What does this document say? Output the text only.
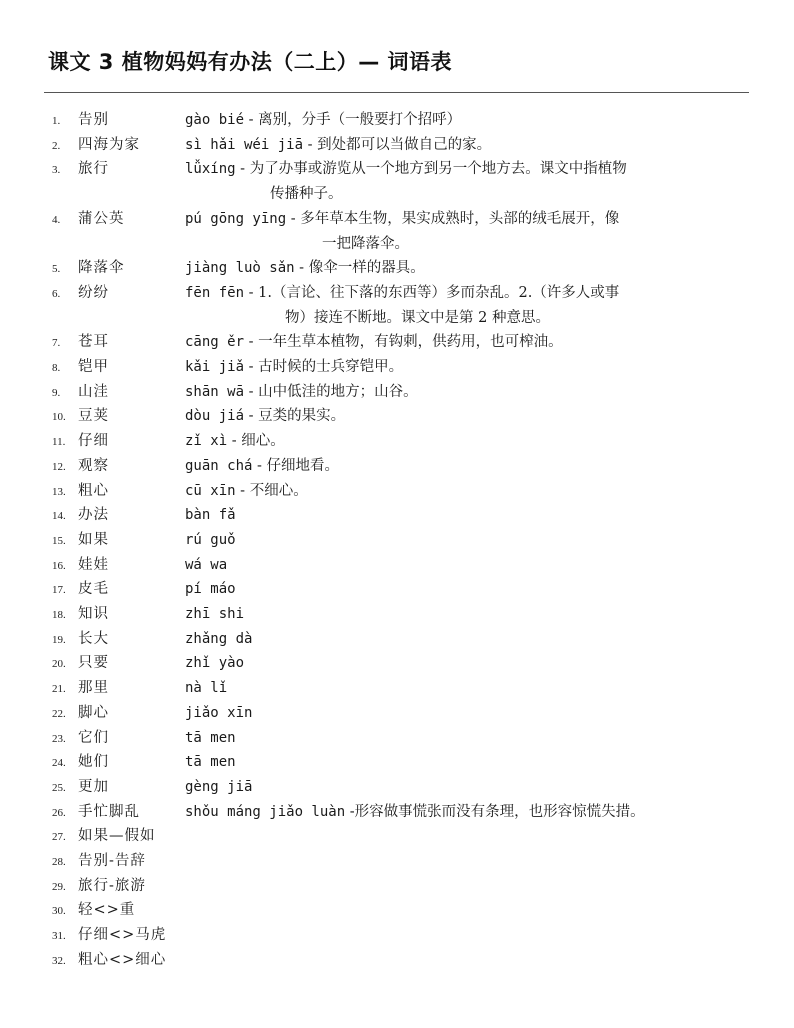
课文 3 植物妈妈有办法（二上）— 词语表
1. 告别	gào bié - 离别，分手（一般要打个招呼）
2. 四海为家	sì hǎi wéi jiā - 到处都可以当做自己的家。
3. 旅行	lǚxíng - 为了办事或游览从一个地方到另一个地方去。课文中指植物
传播种子。
4. 蒲公英	pú gōng yīng - 多年草本生物，果实成熟时，头部的绒毛展开，像
一把降落伞。
5. 降落伞	jiàng luò sǎn - 像伞一样的器具。
6. 纷纷	fēn fēn - 1.（言论、往下落的东西等）多而杂乱。2.（许多人或事
物）接连不断地。课文中是第 2 种意思。
7. 苍耳	cāng ěr - 一年生草本植物，有钩刺，供药用，也可榨油。
8. 铠甲	kǎi jiǎ - 古时候的士兵穿铠甲。
9. 山洼	shān wā - 山中低洼的地方；山谷。
10. 豆荚	dòu jiá - 豆类的果实。
11. 仔细	zǐ xì - 细心。
12. 观察	guān chá - 仔细地看。
13. 粗心	cū xīn - 不细心。
14. 办法	bàn fǎ
15. 如果	rú guǒ
16. 娃娃	wá wa
17. 皮毛	pí máo
18. 知识	zhī shi
19. 长大	zhǎng dà
20. 只要	zhǐ yào
21. 那里	nà lǐ
22. 脚心	jiǎo xīn
23. 它们	tā men
24. 她们	tā men
25. 更加	gèng jiā
26. 手忙脚乱	shǒu máng jiǎo luàn -形容做事慌张而没有条理，也形容惊慌失措。
27. 如果—假如
28. 告别-告辞
29. 旅行-旅游
30. 轻<>重
31. 仔细<>马虎
32. 粗心<>细心
